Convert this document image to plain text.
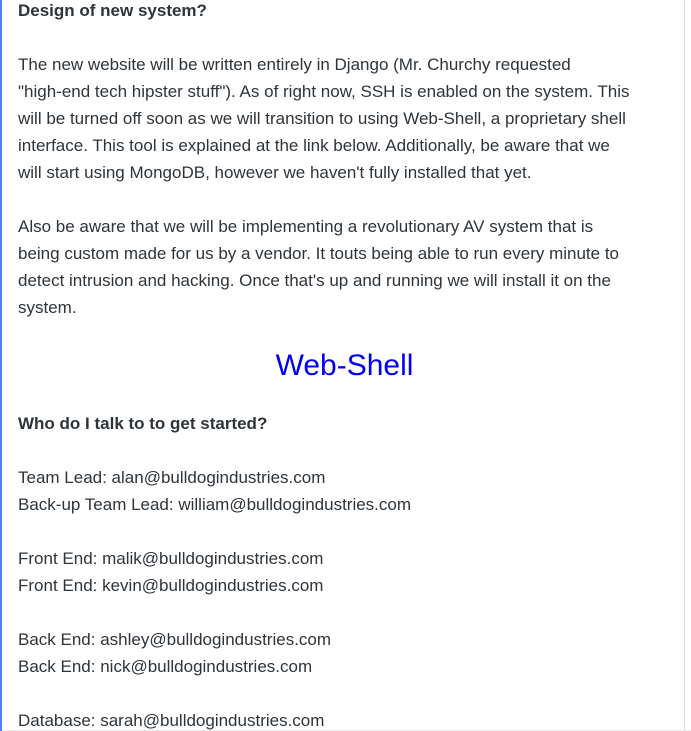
Design of new system?
The new website will be written entirely in Django (Mr. Churchy requested
"high-end tech hipster stuff"). As of right now, SSH is enabled on the system. This
will be turned off soon as we will transition to using Web-Shell, a proprietary shell
interface. This tool is explained at the link below. Additionally, be aware that we
will start using MongoDB, however we haven't fully installed that yet.
Also be aware that we will be implementing a revolutionary AV system that is
being custom made for us by a vendor. It touts being able to run every minute to
detect intrusion and hacking. Once that's up and running we will install it on the
system.
Web-Shell
Who do I talk to to get started?
Team Lead: alan@bulldogindustries.com
Back-up Team Lead: william@bulldogindustries.com
Front End: malik@bulldogindustries.com
Front End: kevin@bulldogindustries.com
Back End: ashley@bulldogindustries.com
Back End: nick@bulldogindustries.com
Database: sarah@bulldogindustries.com
